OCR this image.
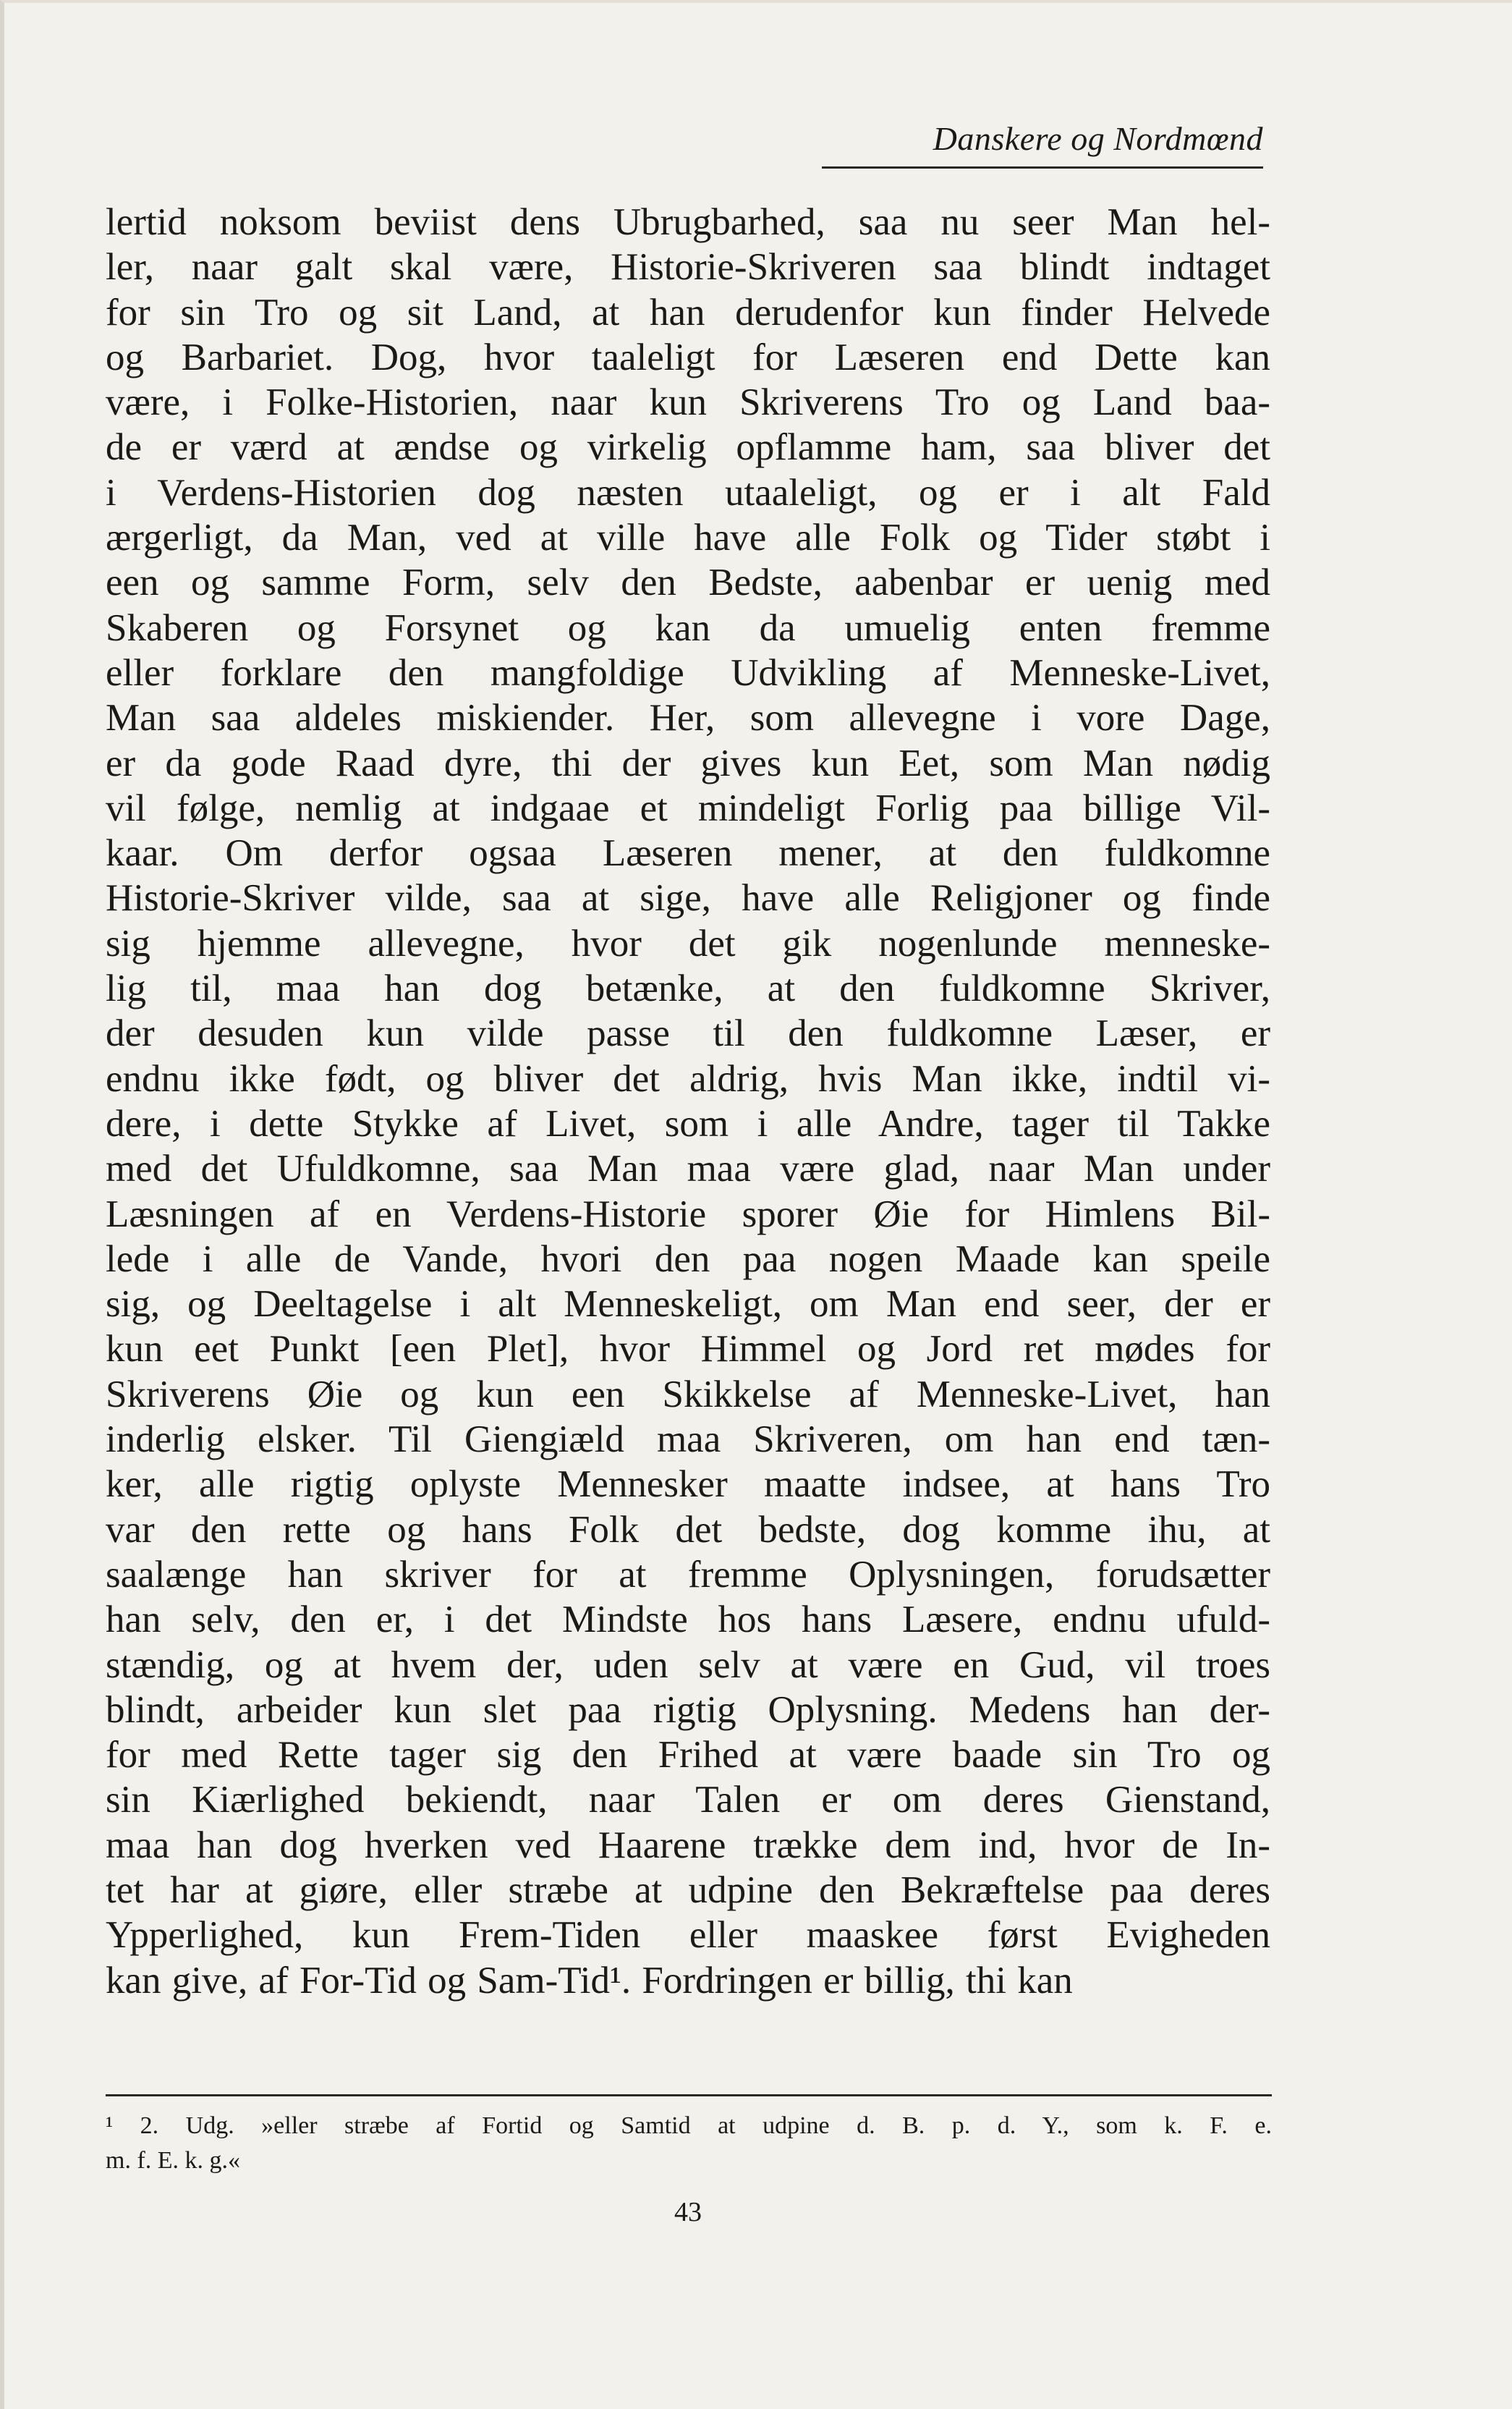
Danskere og Nordmœnd
lertid noksom beviist dens Ubrugbarhed, saa nu seer Man hel-
ler, naar galt skal være, Historie-Skriveren saa blindt indtaget
for sin Tro og sit Land, at han derudenfor kun finder Helvede
og Barbariet. Dog, hvor taaleligt for Læseren end Dette kan
være, i Folke-Historien, naar kun Skriverens Tro og Land baa-
de er værd at ændse og virkelig opflamme ham, saa bliver det
i Verdens-Historien dog næsten utaaleligt, og er i alt Fald
ærgerligt, da Man, ved at ville have alle Folk og Tider støbt i
een og samme Form, selv den Bedste, aabenbar er uenig med
Skaberen og Forsynet og kan da umuelig enten fremme
eller forklare den mangfoldige Udvikling af Menneske-Livet,
Man saa aldeles miskiender. Her, som allevegne i vore Dage,
er da gode Raad dyre, thi der gives kun Eet, som Man nødig
vil følge, nemlig at indgaae et mindeligt Forlig paa billige Vil-
kaar. Om derfor ogsaa Læseren mener, at den fuldkomne
Historie-Skriver vilde, saa at sige, have alle Religjoner og finde
sig hjemme allevegne, hvor det gik nogenlunde menneske-
lig til, maa han dog betænke, at den fuldkomne Skriver,
der desuden kun vilde passe til den fuldkomne Læser, er
endnu ikke født, og bliver det aldrig, hvis Man ikke, indtil vi-
dere, i dette Stykke af Livet, som i alle Andre, tager til Takke
med det Ufuldkomne, saa Man maa være glad, naar Man under
Læsningen af en Verdens-Historie sporer Øie for Himlens Bil-
lede i alle de Vande, hvori den paa nogen Maade kan speile
sig, og Deeltagelse i alt Menneskeligt, om Man end seer, der er
kun eet Punkt [een Plet], hvor Himmel og Jord ret mødes for
Skriverens Øie og kun een Skikkelse af Menneske-Livet, han
inderlig elsker. Til Giengiæld maa Skriveren, om han end tæn-
ker, alle rigtig oplyste Mennesker maatte indsee, at hans Tro
var den rette og hans Folk det bedste, dog komme ihu, at
saalænge han skriver for at fremme Oplysningen, forudsætter
han selv, den er, i det Mindste hos hans Læsere, endnu ufuld-
stændig, og at hvem der, uden selv at være en Gud, vil troes
blindt, arbeider kun slet paa rigtig Oplysning. Medens han der-
for med Rette tager sig den Frihed at være baade sin Tro og
sin Kiærlighed bekiendt, naar Talen er om deres Gienstand,
maa han dog hverken ved Haarene trække dem ind, hvor de In-
tet har at giøre, eller stræbe at udpine den Bekræftelse paa deres
Ypperlighed, kun Frem-Tiden eller maaskee først Evigheden
kan give, af For-Tid og Sam-Tid¹. Fordringen er billig, thi kan
¹ 2. Udg. »eller stræbe af Fortid og Samtid at udpine d. B. p. d. Y., som k. F. e.
m. f. E. k. g.«
43
